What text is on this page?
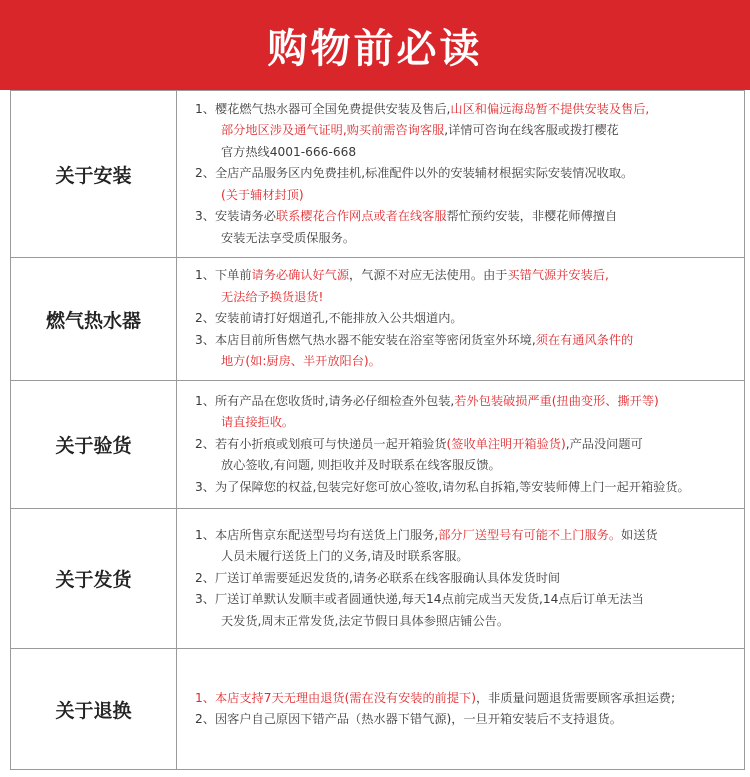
购物前必读
关于安装
1、樱花燃气热水器可全国免费提供安装及售后,山区和偏远海岛暂不提供安装及售后,
部分地区涉及通气证明,购买前需咨询客服,详情可咨询在线客服或拨打樱花
官方热线4001-666-668
2、全店产品服务区内免费挂机,标准配件以外的安装辅材根据实际安装情况收取。
(关于辅材封顶)
3、安装请务必联系樱花合作网点或者在线客服帮忙预约安装，非樱花师傅擅自
安装无法享受质保服务。
燃气热水器
1、下单前请务必确认好气源，气源不对应无法使用。由于买错气源并安装后,
无法给予换货退货!
2、安装前请打好烟道孔,不能排放入公共烟道内。
3、本店目前所售燃气热水器不能安装在浴室等密闭货室外环境,须在有通风条件的
地方(如:厨房、半开放阳台)。
关于验货
1、所有产品在您收货时,请务必仔细检查外包装,若外包装破损严重(扭曲变形、撕开等)
请直接拒收。
2、若有小折痕或划痕可与快递员一起开箱验货(签收单注明开箱验货),产品没问题可
放心签收,有问题, 则拒收并及时联系在线客服反馈。
3、为了保障您的权益,包装完好您可放心签收,请勿私自拆箱,等安装师傅上门一起开箱验货。
关于发货
1、本店所售京东配送型号均有送货上门服务,部分厂送型号有可能不上门服务。如送货
人员未履行送货上门的义务,请及时联系客服。
2、厂送订单需要延迟发货的,请务必联系在线客服确认具体发货时间
3、厂送订单默认发顺丰或者圆通快递,每天14点前完成当天发货,14点后订单无法当
天发货,周末正常发货,法定节假日具体参照店铺公告。
关于退换
1、本店支持7天无理由退货(需在没有安装的前提下)，非质量问题退货需要顾客承担运费;
2、因客户自己原因下错产品（热水器下错气源)，一旦开箱安装后不支持退货。
